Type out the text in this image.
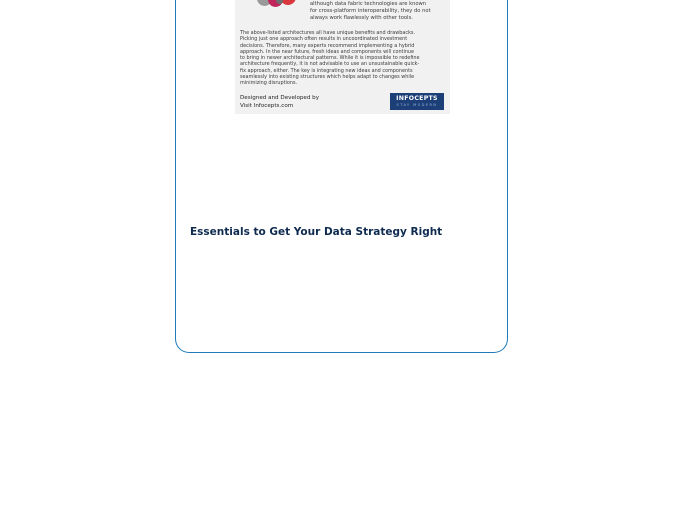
although data fabric technologies are known
for cross-platform interoperability, they do not
always work flawlessly with other tools.
The above-listed architectures all have unique benefits and drawbacks.
Picking just one approach often results in uncoordinated investment
decisions. Therefore, many experts recommend implementing a hybrid
approach. In the near future, fresh ideas and components will continue
to bring in newer architectural patterns. While it is impossible to redefine
architecture frequently, it is not advisable to use an unsustainable quick-
fix approach, either. The key is integrating new ideas and components
seamlessly into existing structures which helps adapt to changes while
minimizing disruptions.
Designed and Developed by
Visit Infocepts.com
INFOCEPTS
STAY MODERN
Essentials to Get Your Data Strategy Right
